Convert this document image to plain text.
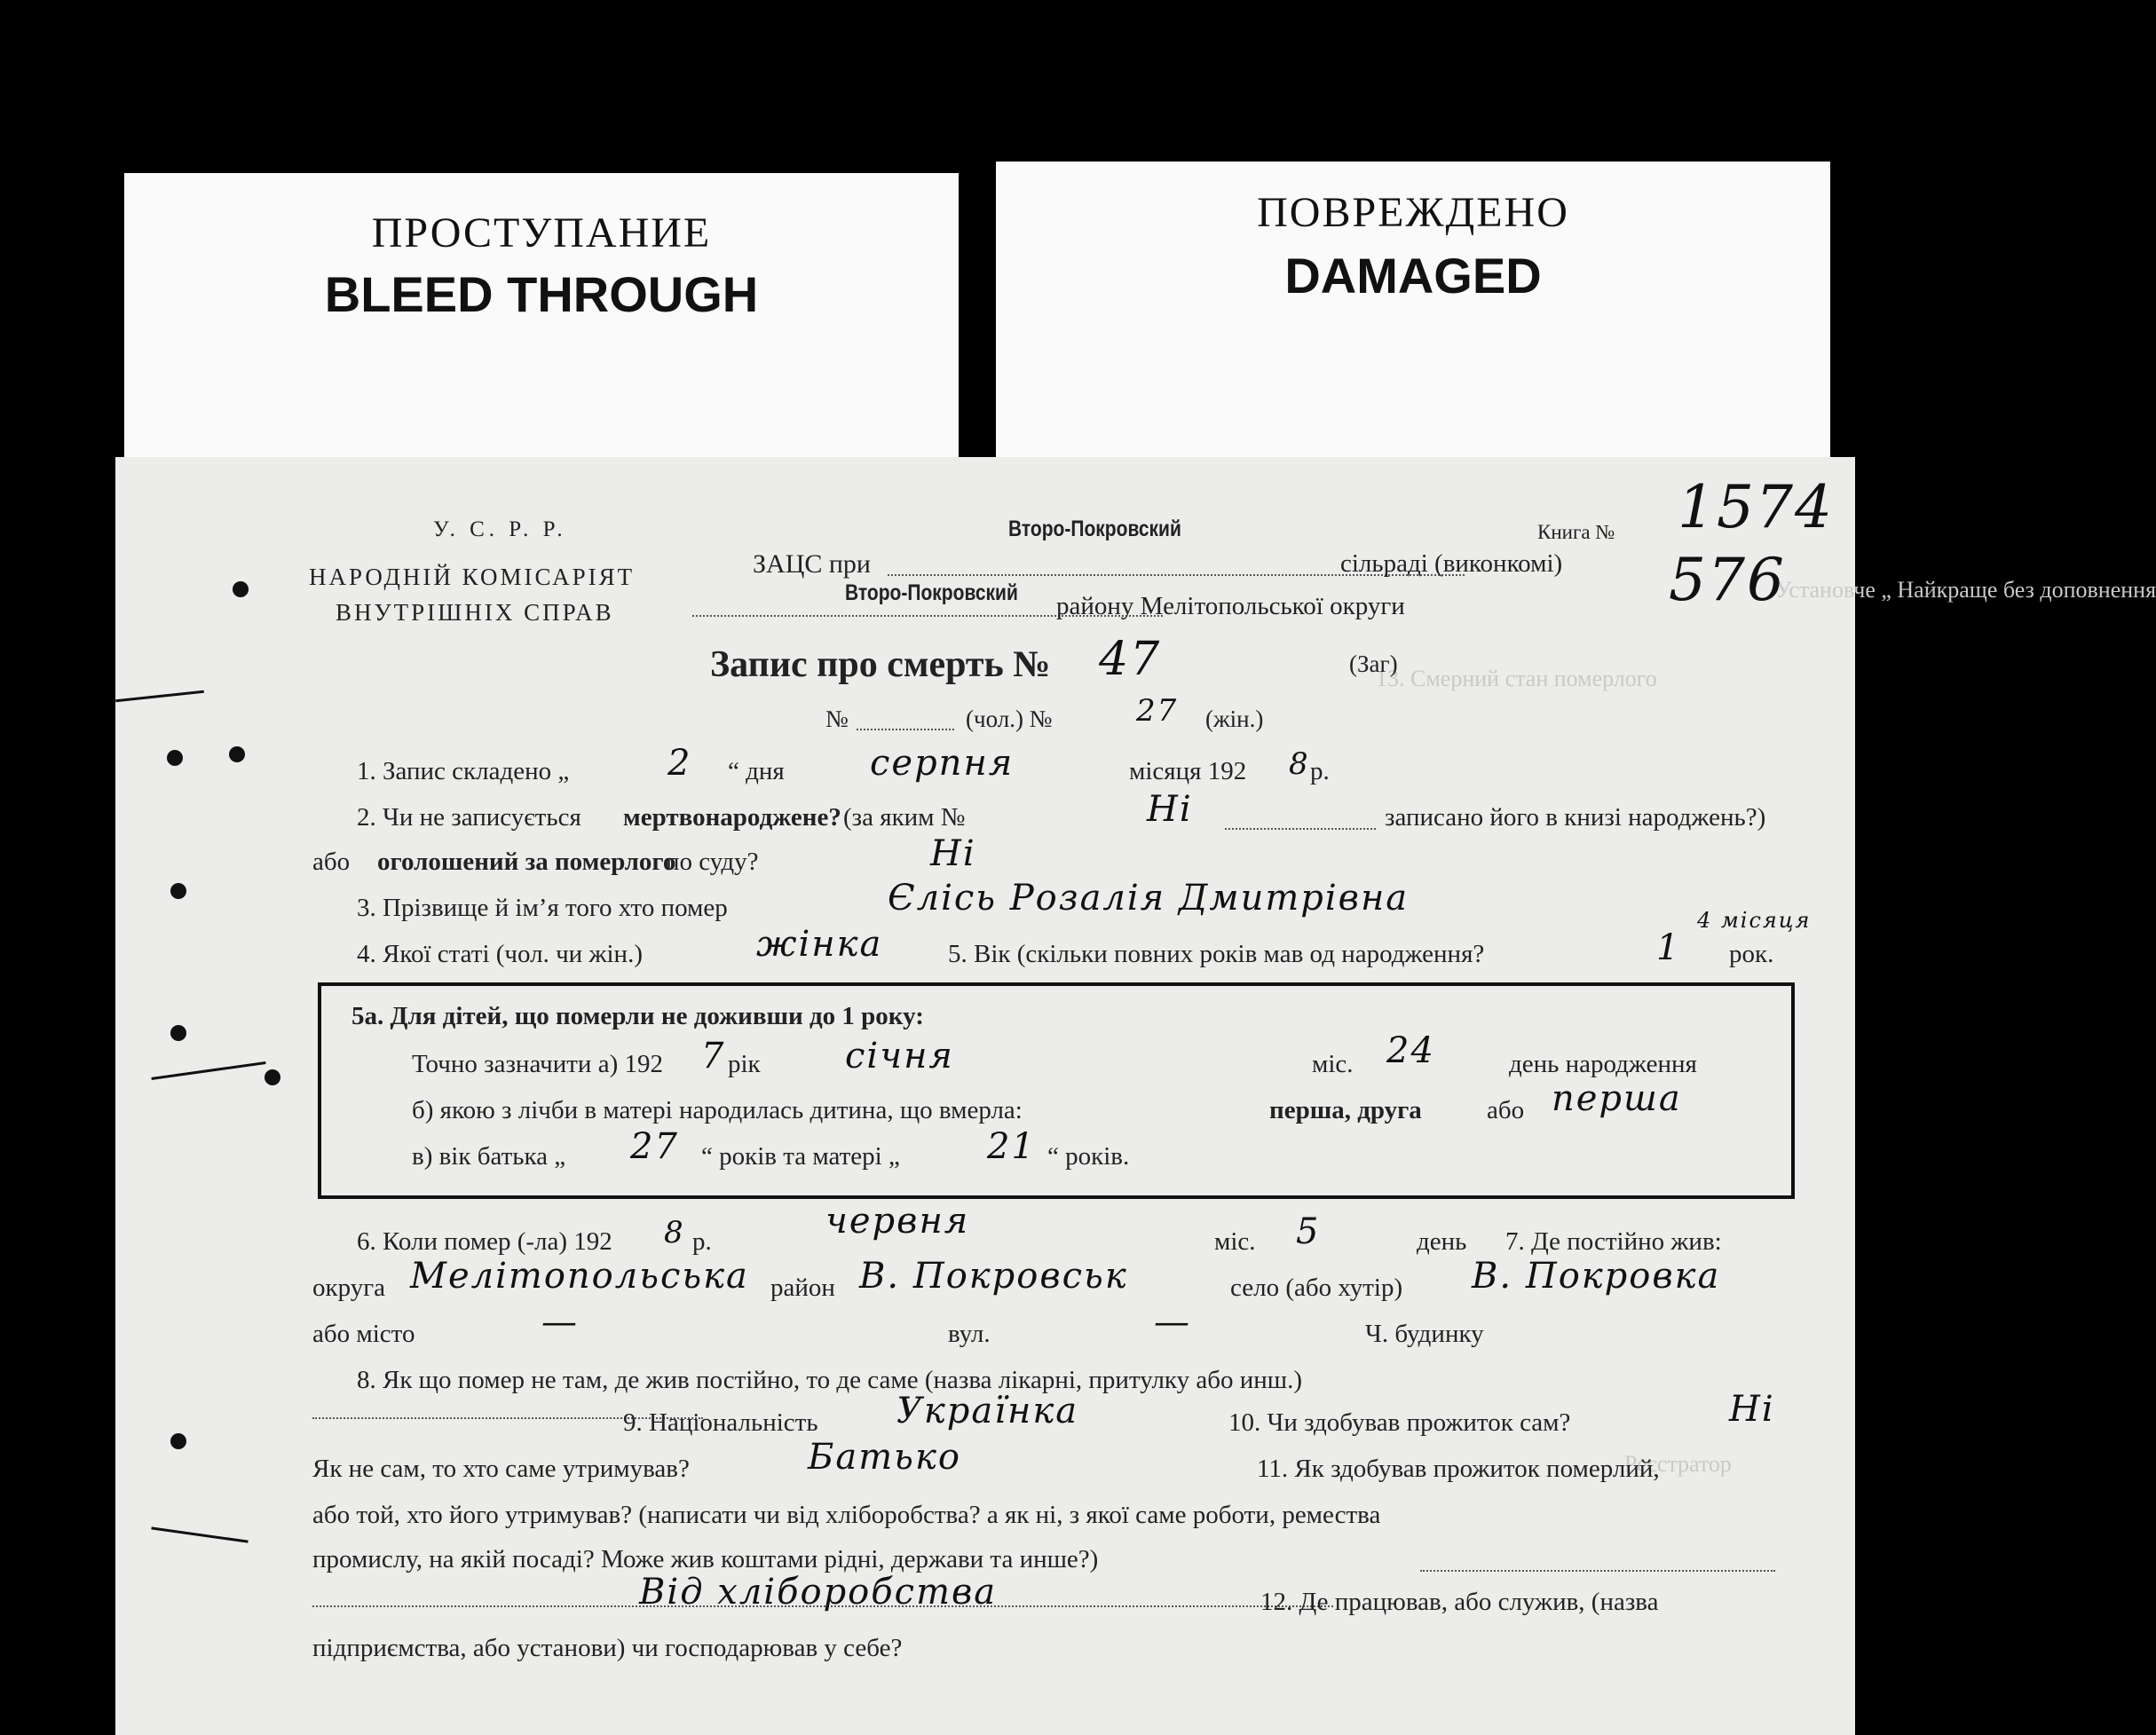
ПРОСТУПАНИЕ
BLEED THROUGH
ПОВРЕЖДЕНО
DAMAGED
Установче „ Найкраще без доповнення
13. Смерний стан померлого
Реєстратор
У. С. Р. Р.
НАРОДНІЙ КОМІСАРІЯТ
ВНУТРІШНІХ СПРАВ
ЗАЦС при
Второ-Покровский
сільраді (виконкомі)
Второ-Покровский району Мелітопольської округи
Книга № 1574
576
Запис про смерть № 47	(Заг)
№	(чол.) №	27 (жін.)
1. Запис складено „	2 “ дня серпня	місяця 192 8 р.
2. Чи не записується мертвонароджене? (за яким №	Ні	записано його в книзі народжень?)
або оголошений за померлого
по суду?	Ні
3. Прізвище й ім’я того хто помер	Єлісь Розалія Дмитрівна
4. Якої статі (чол. чи жін.)	жінка	5. Вік (скільки повних років мав од народження?	1
4 місяця
рок.
5а. Для дітей, що померли не доживши до 1 року:
Точно зазначити а) 192 7 рік січня	міс. 24	день народження
б) якою з лічби в матері народилась дитина, що вмерла:	перша, друга	або перша
в) вік батька „ 27 “ років та матері „ 21 “ років.
6. Коли помер (-ла) 192 8 р.	червня	міс. 5	день 7. Де постійно жив:
округа Мелітопольська район В. Покровськ	село (або хутір) В. Покровка
або місто	—	вул.	—	Ч. будинку
8. Як що помер не там, де жив постійно, то де саме (назва лікарні, притулку або инш.)
9. Національність Українка	10. Чи здобував прожиток сам?	Ні
Як не сам, то хто саме утримував?	Батько	11. Як здобував прожиток померлий,
або той, хто його утримував? (написати чи від хліборобства? а як ні, з якої саме роботи, ремества
промислу, на якій посаді? Може жив коштами рідні, держави та инше?)
Від хліборобства	12. Де працював, або служив, (назва
підприємства, або установи) чи господарював у себе?
